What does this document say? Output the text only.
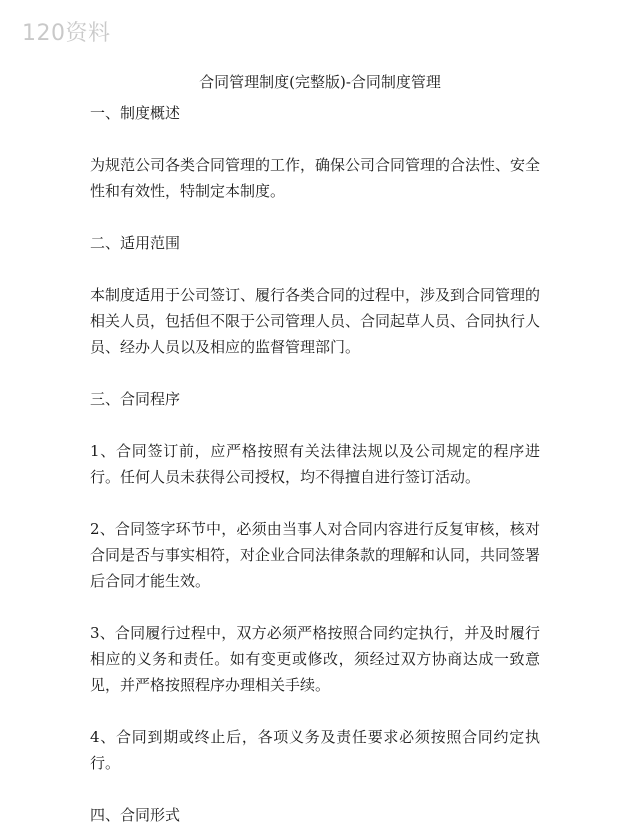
120资料
合同管理制度(完整版)-合同制度管理
一、制度概述

为规范公司各类合同管理的工作，确保公司合同管理的合法性、安全性和有效性，特制定本制度。

二、适用范围

本制度适用于公司签订、履行各类合同的过程中，涉及到合同管理的相关人员，包括但不限于公司管理人员、合同起草人员、合同执行人员、经办人员以及相应的监督管理部门。

三、合同程序

1、合同签订前，应严格按照有关法律法规以及公司规定的程序进行。任何人员未获得公司授权，均不得擅自进行签订活动。

2、合同签字环节中，必须由当事人对合同内容进行反复审核，核对合同是否与事实相符，对企业合同法律条款的理解和认同，共同签署后合同才能生效。

3、合同履行过程中，双方必须严格按照合同约定执行，并及时履行相应的义务和责任。如有变更或修改，须经过双方协商达成一致意见，并严格按照程序办理相关手续。

4、合同到期或终止后，各项义务及责任要求必须按照合同约定执行。

四、合同形式
